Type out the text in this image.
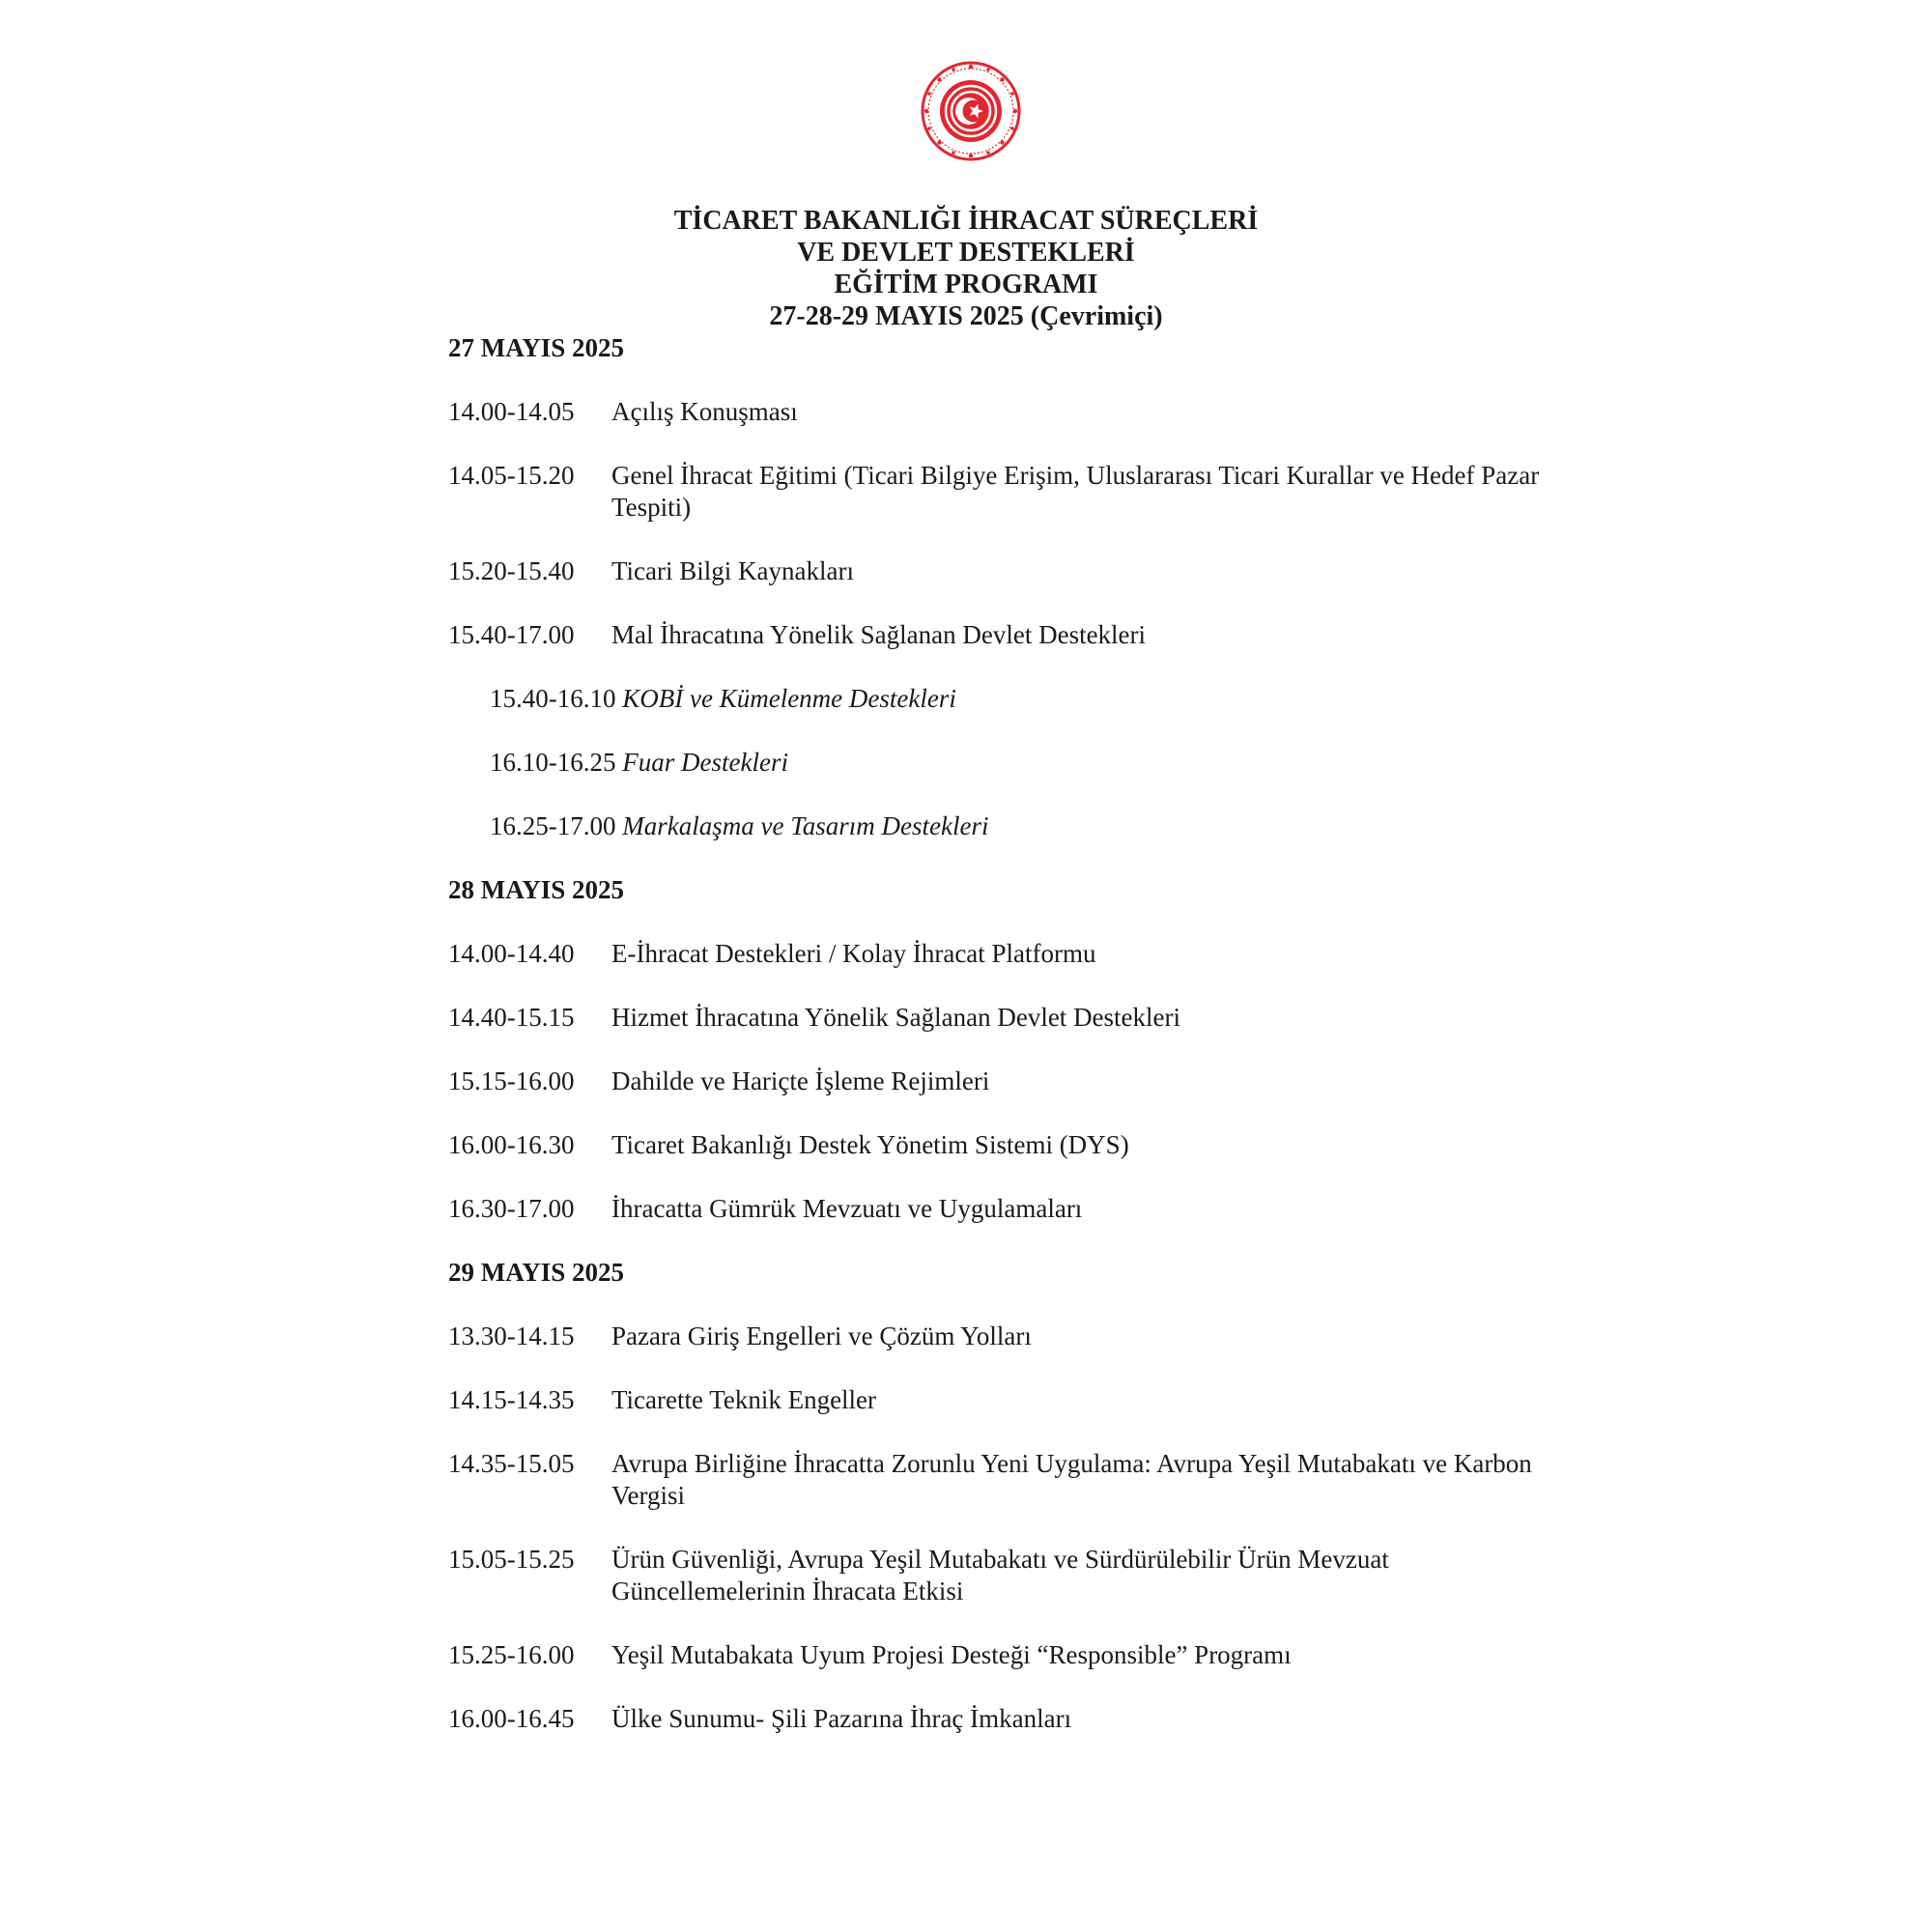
TİCARET BAKANLIĞI İHRACAT SÜREÇLERİ
VE DEVLET DESTEKLERİ
EĞİTİM PROGRAMI
27-28-29 MAYIS 2025 (Çevrimiçi)
27 MAYIS 2025
14.00-14.05	Açılış Konuşması
14.05-15.20	Genel İhracat Eğitimi (Ticari Bilgiye Erişim, Uluslararası Ticari Kurallar ve Hedef Pazar Tespiti)
15.20-15.40	Ticari Bilgi Kaynakları
15.40-17.00	Mal İhracatına Yönelik Sağlanan Devlet Destekleri
15.40-16.10 KOBİ ve Kümelenme Destekleri
16.10-16.25 Fuar Destekleri
16.25-17.00 Markalaşma ve Tasarım Destekleri
28 MAYIS 2025
14.00-14.40	E-İhracat Destekleri / Kolay İhracat Platformu
14.40-15.15	Hizmet İhracatına Yönelik Sağlanan Devlet Destekleri
15.15-16.00	Dahilde ve Hariçte İşleme Rejimleri
16.00-16.30	Ticaret Bakanlığı Destek Yönetim Sistemi (DYS)
16.30-17.00	İhracatta Gümrük Mevzuatı ve Uygulamaları
29 MAYIS 2025
13.30-14.15	Pazara Giriş Engelleri ve Çözüm Yolları
14.15-14.35	Ticarette Teknik Engeller
14.35-15.05	Avrupa Birliğine İhracatta Zorunlu Yeni Uygulama: Avrupa Yeşil Mutabakatı ve Karbon Vergisi
15.05-15.25	Ürün Güvenliği, Avrupa Yeşil Mutabakatı ve Sürdürülebilir Ürün Mevzuat Güncellemelerinin İhracata Etkisi
15.25-16.00	Yeşil Mutabakata Uyum Projesi Desteği “Responsible” Programı
16.00-16.45	Ülke Sunumu- Şili Pazarına İhraç İmkanları
